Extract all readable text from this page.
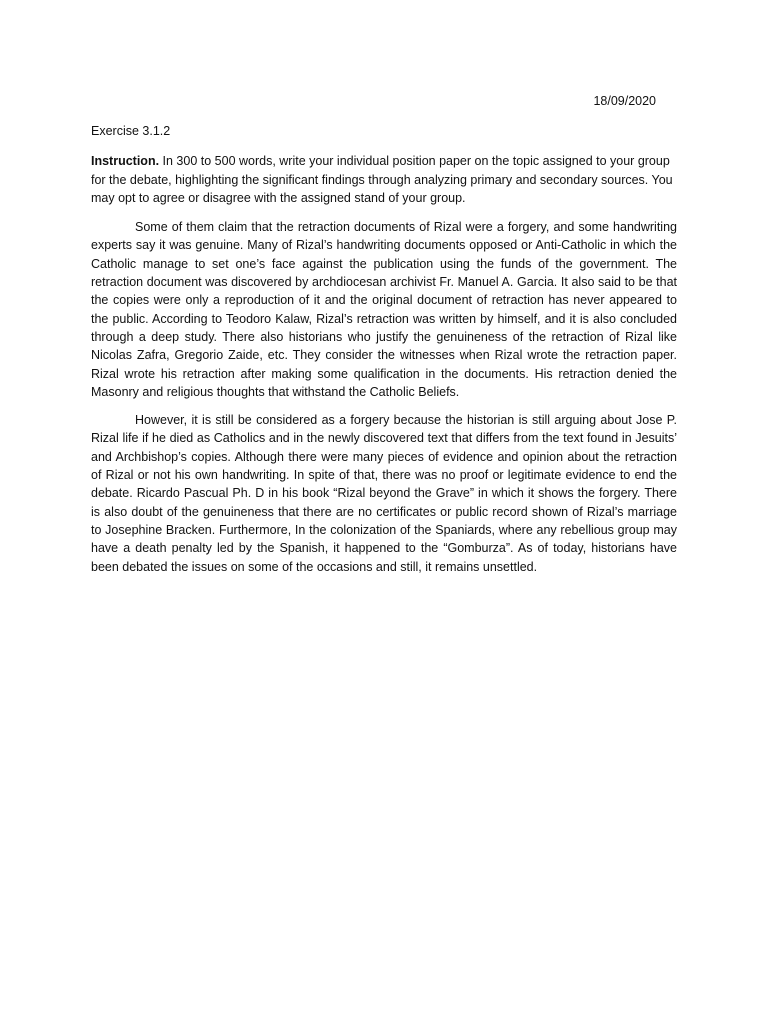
18/09/2020

Exercise 3.1.2

Instruction. In 300 to 500 words, write your individual position paper on the topic assigned to your group for the debate, highlighting the significant findings through analyzing primary and secondary sources. You may opt to agree or disagree with the assigned stand of your group.

Some of them claim that the retraction documents of Rizal were a forgery, and some handwriting experts say it was genuine. Many of Rizal’s handwriting documents opposed or Anti-Catholic in which the Catholic manage to set one’s face against the publication using the funds of the government. The retraction document was discovered by archdiocesan archivist Fr. Manuel A. Garcia. It also said to be that the copies were only a reproduction of it and the original document of retraction has never appeared to the public. According to Teodoro Kalaw, Rizal’s retraction was written by himself, and it is also concluded through a deep study. There also historians who justify the genuineness of the retraction of Rizal like Nicolas Zafra, Gregorio Zaide, etc. They consider the witnesses when Rizal wrote the retraction paper. Rizal wrote his retraction after making some qualification in the documents. His retraction denied the Masonry and religious thoughts that withstand the Catholic Beliefs.

However, it is still be considered as a forgery because the historian is still arguing about Jose P. Rizal life if he died as Catholics and in the newly discovered text that differs from the text found in Jesuits’ and Archbishop’s copies. Although there were many pieces of evidence and opinion about the retraction of Rizal or not his own handwriting. In spite of that, there was no proof or legitimate evidence to end the debate. Ricardo Pascual Ph. D in his book “Rizal beyond the Grave” in which it shows the forgery. There is also doubt of the genuineness that there are no certificates or public record shown of Rizal’s marriage to Josephine Bracken. Furthermore, In the colonization of the Spaniards, where any rebellious group may have a death penalty led by the Spanish, it happened to the “Gomburza”. As of today, historians have been debated the issues on some of the occasions and still, it remains unsettled.
